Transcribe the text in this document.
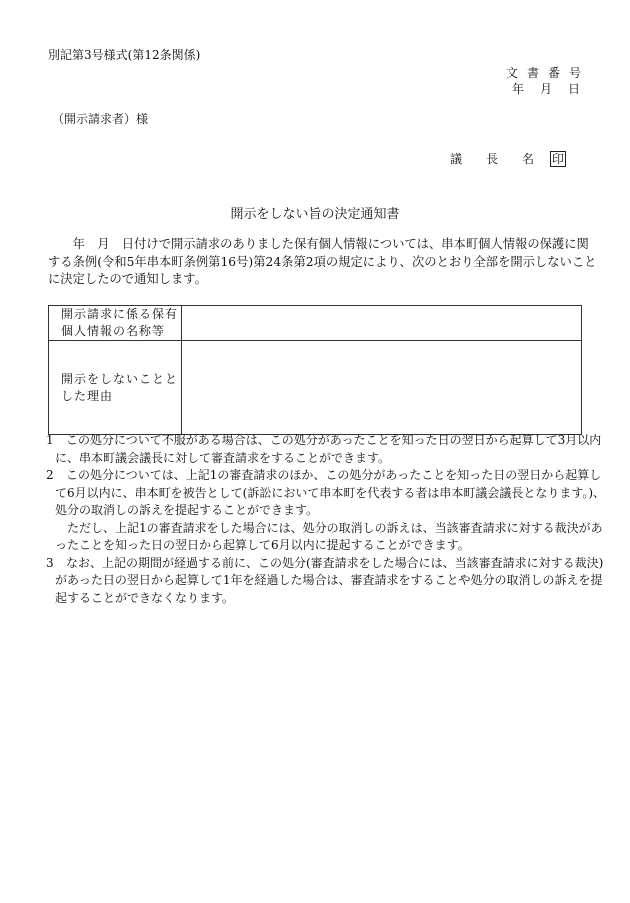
別記第3号様式(第12条関係)
文書番号
年　月　日
（開示請求者）様
議　長　名 印
開示をしない旨の決定通知書
　　年　月　日付けで開示請求のありました保有個人情報については、串本町個人情報の保護に関
する条例(令和5年串本町条例第16号)第24条第2項の規定により、次のとおり全部を開示しないこと
に決定したので通知します。
開示請求に係る保有
個人情報の名称等	

開示をしないことと
した理由	

1 この処分について不服がある場合は、この処分があったことを知った日の翌日から起算して3月以内
に、串本町議会議長に対して審査請求をすることができます。
2 この処分については、上記1の審査請求のほか、この処分があったことを知った日の翌日から起算し
て6月以内に、串本町を被告として(訴訟において串本町を代表する者は串本町議会議長となります。)、
処分の取消しの訴えを提起することができます。
　ただし、上記1の審査請求をした場合には、処分の取消しの訴えは、当該審査請求に対する裁決があ
ったことを知った日の翌日から起算して6月以内に提起することができます。
3 なお、上記の期間が経過する前に、この処分(審査請求をした場合には、当該審査請求に対する裁決)
があった日の翌日から起算して1年を経過した場合は、審査請求をすることや処分の取消しの訴えを提
起することができなくなります。
